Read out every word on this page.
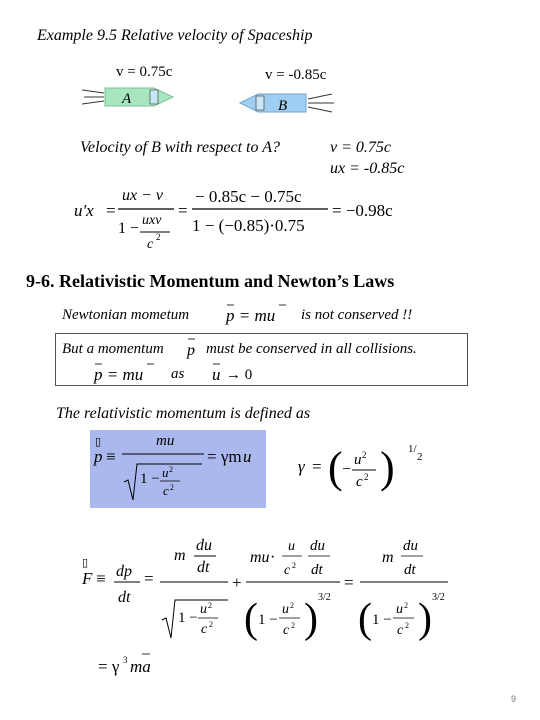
Example 9.5 Relative velocity of Spaceship
v = 0.75c	v = -0.85c
A	B
Velocity of B with respect to A?	v = 0.75c
ux = -0.85c
u'x =
ux − v
1 − uxv
c 2
=
− 0.85c − 0.75c
1 − (−0.85)·0.75
= −0.98c
9-6. Relativistic Momentum and Newton’s Laws
Newtonian mometum p = mu is not conserved !!
But a momentum p must be conserved in all collisions.
p = mu as u → 0
The relativistic momentum is defined as
p
▯
≡
mu
1 − u 2
c 2
= γm u
γ = ( −
u 2
c 2 ) 1/
2
F
▯
≡ dp
dt
=
m
du
dt
1 −
u 2
c 2
+
mu ·
u
c 2
du
dt
( 1 −
u 2
c 2 ) 3/2
=
m
du
dt
( 1 −
u 2
c 2 ) 3/2
= γ 3 ma
9
